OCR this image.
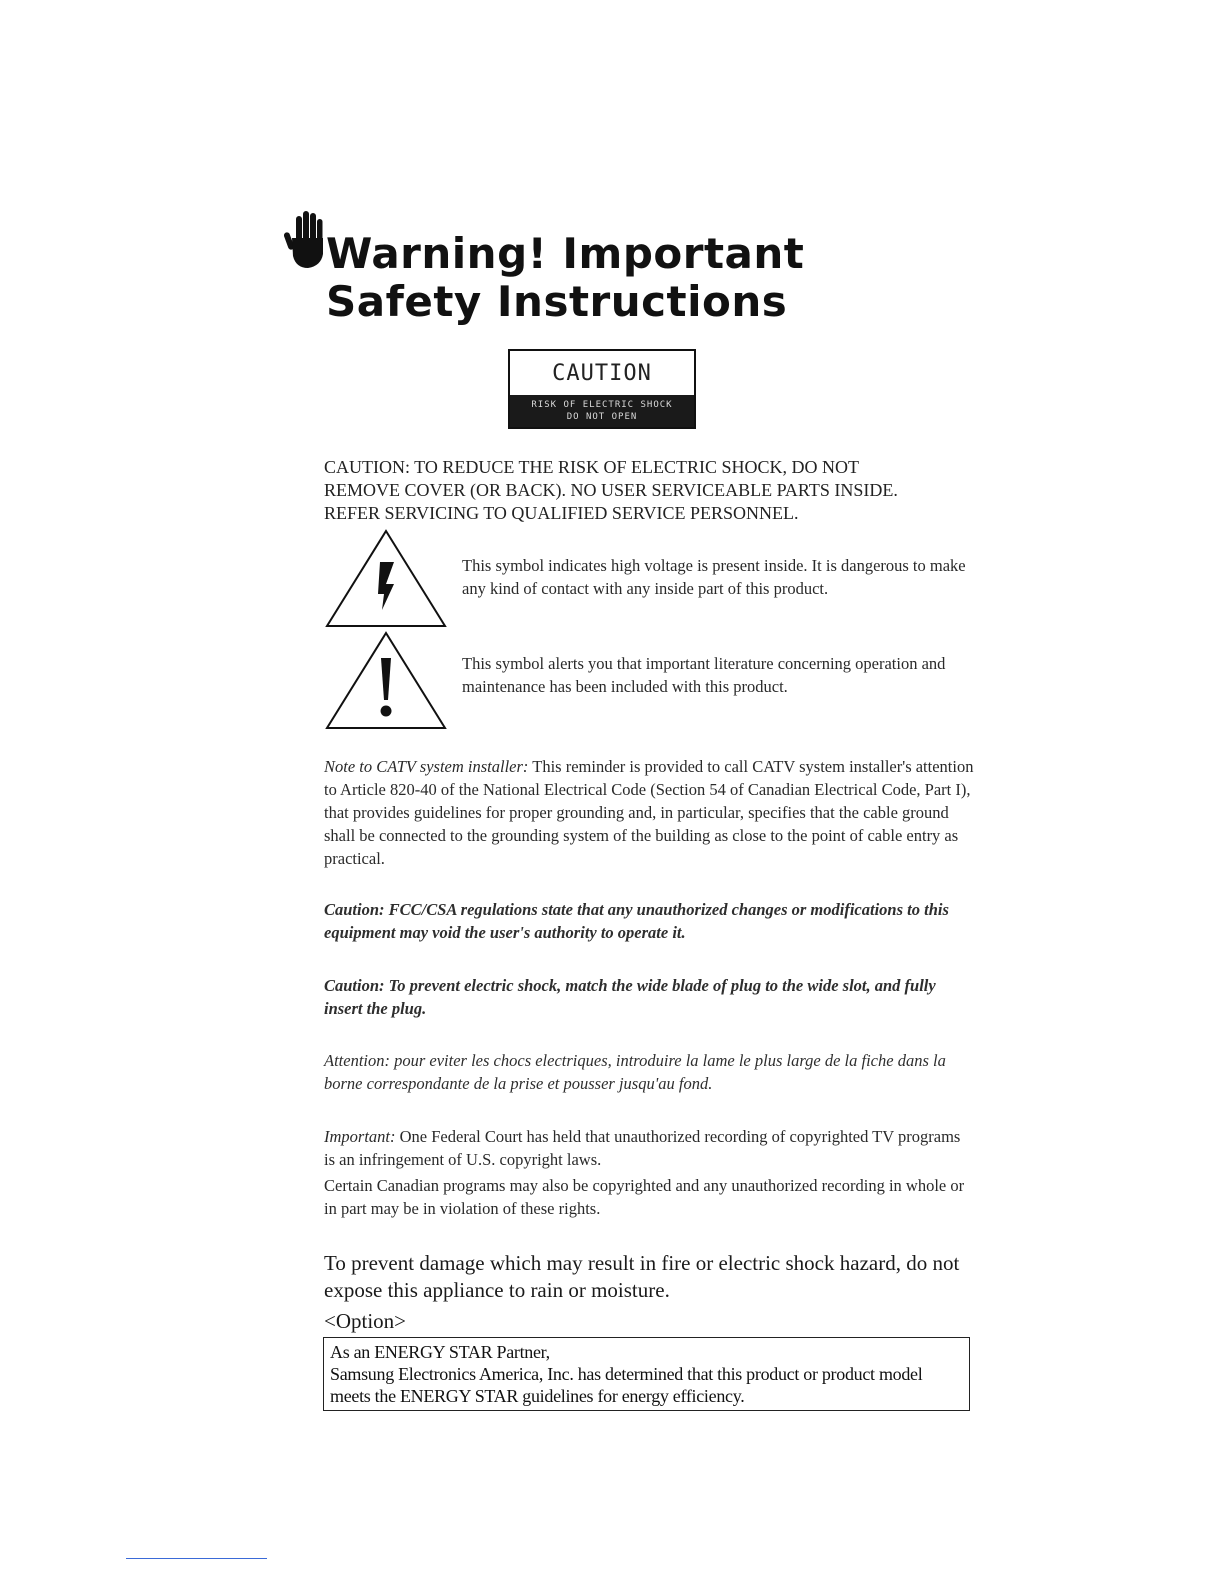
Warning! Important
Safety Instructions
CAUTION
RISK OF ELECTRIC SHOCK
DO NOT OPEN
CAUTION: TO REDUCE THE RISK OF ELECTRIC SHOCK, DO NOT
REMOVE COVER (OR BACK). NO USER SERVICEABLE PARTS INSIDE.
REFER SERVICING TO QUALIFIED SERVICE PERSONNEL.
This symbol indicates high voltage is present inside. It is dangerous to make any kind of contact with any inside part of this product.
This symbol alerts you that important literature concerning operation and maintenance has been included with this product.
Note to CATV system installer: This reminder is provided to call CATV system installer's attention to Article 820-40 of the National Electrical Code (Section 54 of Canadian Electrical Code, Part I), that provides guidelines for proper grounding and, in particular, specifies that the cable ground shall be connected to the grounding system of the building as close to the point of cable entry as practical.
Caution: FCC/CSA regulations state that any unauthorized changes or modifications to this equipment may void the user's authority to operate it.
Caution: To prevent electric shock, match the wide blade of plug to the wide slot, and fully insert the plug.
Attention: pour eviter les chocs electriques, introduire la lame le plus large de la fiche dans la borne correspondante de la prise et pousser jusqu'au fond.
Important: One Federal Court has held that unauthorized recording of copyrighted TV programs is an infringement of U.S. copyright laws.
Certain Canadian programs may also be copyrighted and any unauthorized recording in whole or in part may be in violation of these rights.
To prevent damage which may result in fire or electric shock hazard, do not expose this appliance to rain or moisture.
<Option>
As an ENERGY STAR Partner,
Samsung Electronics America, Inc. has determined that this product or product model meets the ENERGY STAR guidelines for energy efficiency.
